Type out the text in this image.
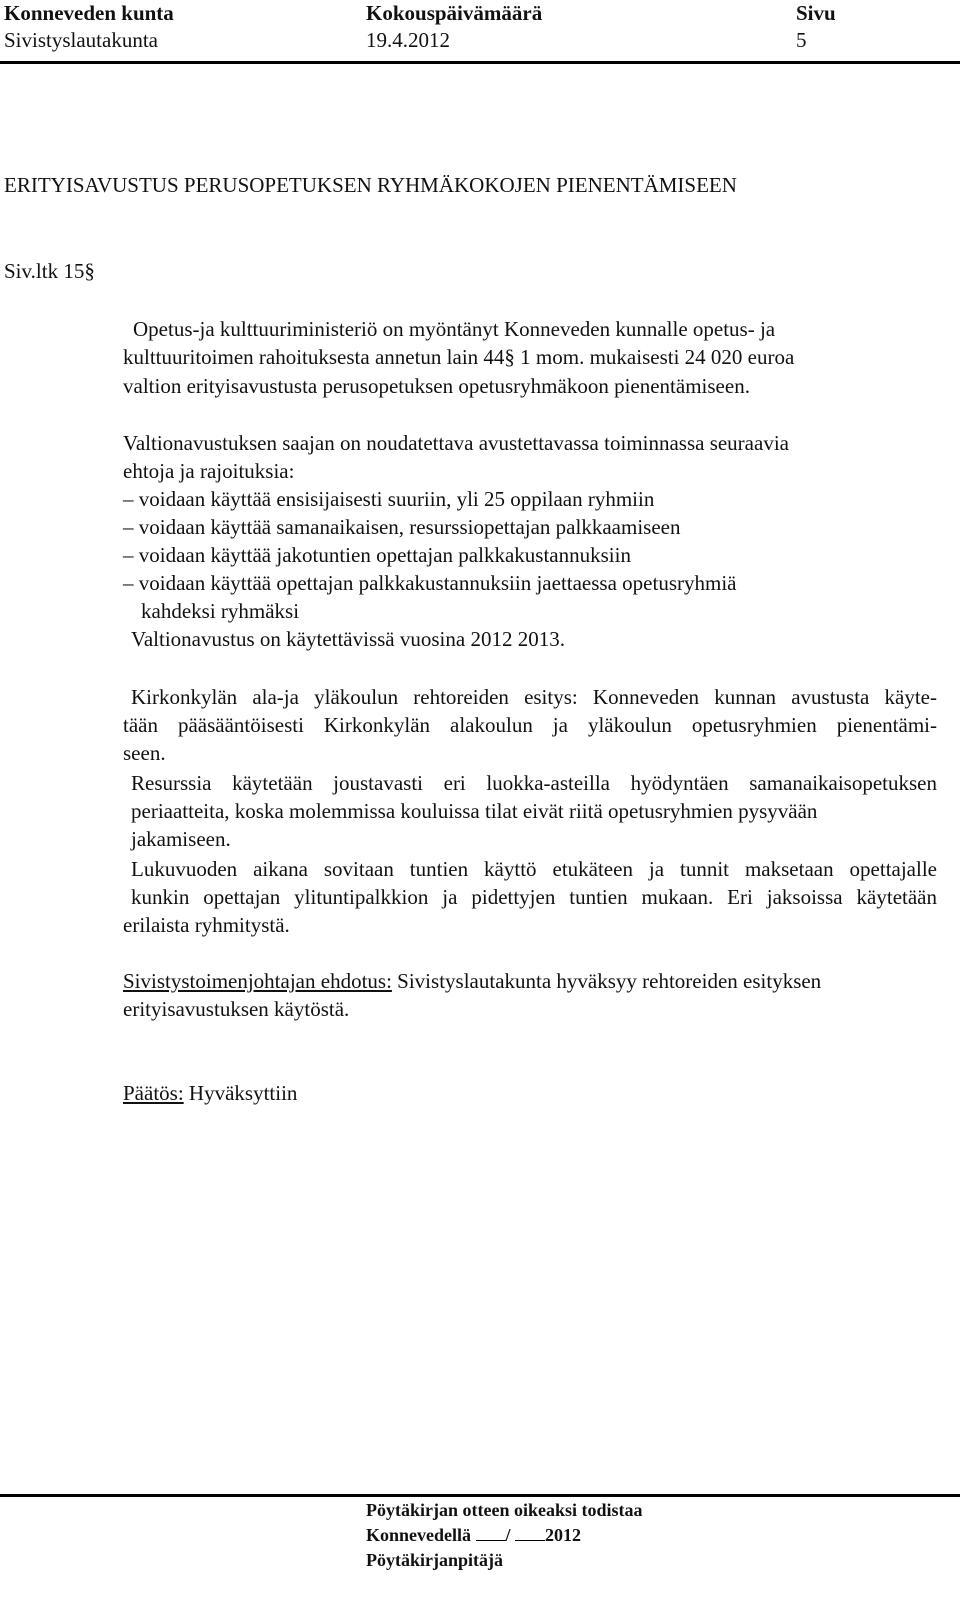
Konneveden kunta
Sivistyslautakunta
Kokouspäivämäärä
19.4.2012
Sivu
5
ERITYISAVUSTUS PERUSOPETUKSEN RYHMÄKOKOJEN PIENENTÄMISEEN
Siv.ltk 15§
Opetus-ja kulttuuriministeriö on myöntänyt Konneveden kunnalle opetus- ja
kulttuuritoimen rahoituksesta annetun lain 44§ 1 mom. mukaisesti 24 020 euroa
valtion erityisavustusta perusopetuksen opetusryhmäkoon pienentämiseen.
Valtionavustuksen saajan on noudatettava avustettavassa toiminnassa seuraavia
ehtoja ja rajoituksia:
– voidaan käyttää ensisijaisesti suuriin, yli 25 oppilaan ryhmiin
– voidaan käyttää samanaikaisen, resurssiopettajan palkkaamiseen
– voidaan käyttää jakotuntien opettajan palkkakustannuksiin
– voidaan käyttää opettajan palkkakustannuksiin jaettaessa opetusryhmiä
kahdeksi ryhmäksi
Valtionavustus on käytettävissä vuosina 2012 2013.
Kirkonkylän ala-ja yläkoulun rehtoreiden esitys: Konneveden kunnan avustusta käyte-
tään pääsääntöisesti Kirkonkylän alakoulun ja yläkoulun opetusryhmien pienentämi-
seen.
Resurssia käytetään joustavasti eri luokka-asteilla hyödyntäen samanaikaisopetuksen
periaatteita, koska molemmissa kouluissa tilat eivät riitä opetusryhmien pysyvään
jakamiseen.
Lukuvuoden aikana sovitaan tuntien käyttö etukäteen ja tunnit maksetaan opettajalle
kunkin opettajan ylituntipalkkion ja pidettyjen tuntien mukaan. Eri jaksoissa käytetään
erilaista ryhmitystä.
Sivistystoimenjohtajan ehdotus: Sivistyslautakunta hyväksyy rehtoreiden esityksen
erityisavustuksen käytöstä.
Päätös: Hyväksyttiin
Pöytäkirjan otteen oikeaksi todistaa
Konnevedellä / 2012
Pöytäkirjanpitäjä
